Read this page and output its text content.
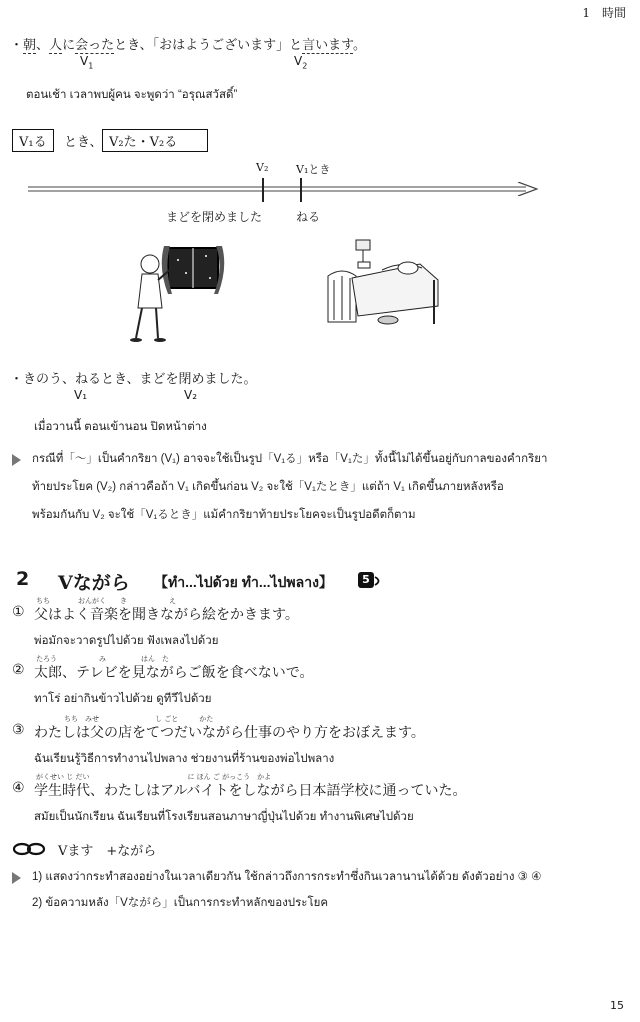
1　時間
・朝、人に会ったとき、「おはようございます」と言います。
$V_1$	$V_2$
ตอนเช้า เวลาพบผู้คน จะพูดว่า “อรุณสวัสดิ์”
V₁る	とき、 V₂た・V₂る
V₂	V₁とき
まどを閉めました	ねる
・きのう、ねるとき、まどを閉めました。
V₁	V₂
เมื่อวานนี้ ตอนเข้านอน ปิดหน้าต่าง
กรณีที่「〜」เป็นคำกริยา (V₁) อาจจะใช้เป็นรูป「V₁る」หรือ「V₁た」ทั้งนี้ไม่ได้ขึ้นอยู่กับกาลของคำกริยา
ท้ายประโยค (V₂) กล่าวคือถ้า V₁ เกิดขึ้นก่อน V₂ จะใช้「V₁たとき」แต่ถ้า V₁ เกิดขึ้นภายหลังหรือ
พร้อมกันกับ V₂ จะใช้「V₁るとき」แม้คำกริยาท้ายประโยคจะเป็นรูปอดีตก็ตาม
2 Vながら 【ทำ...ไปด้วย ทำ...ไปพลาง】	5
ちち　　　　おんがく　　き　　　　　　え
① 父はよく音楽を聞きながら絵をかきます。
พ่อมักจะวาดรูปไปด้วย ฟังเพลงไปด้วย
たろう　　　　　　み　　　　　はん　た
② 太郎、テレビを見ながらご飯を食べないで。
ทาโร่ อย่ากินข้าวไปด้วย ดูทีวีไปด้วย
　　　　ちち　みせ　　　　　　　　し ごと　　　かた
③ わたしは父の店をてつだいながら仕事のやり方をおぼえます。
ฉันเรียนรู้วิธีการทำงานไปพลาง ช่วยงานที่ร้านของพ่อไปพลาง
がくせい じ だい　　　　　　　　　　　　　　に ほん ご がっこう　かよ
④ 学生時代、わたしはアルバイトをしながら日本語学校に通っていた。
สมัยเป็นนักเรียน ฉันเรียนที่โรงเรียนสอนภาษาญี่ปุ่นไปด้วย ทำงานพิเศษไปด้วย
Vます　+ながら
1) แสดงว่ากระทำสองอย่างในเวลาเดียวกัน ใช้กล่าวถึงการกระทำซึ่งกินเวลานานได้ด้วย ดังตัวอย่าง ③ ④
2) ข้อความหลัง「Vながら」เป็นการกระทำหลักของประโยค
15
